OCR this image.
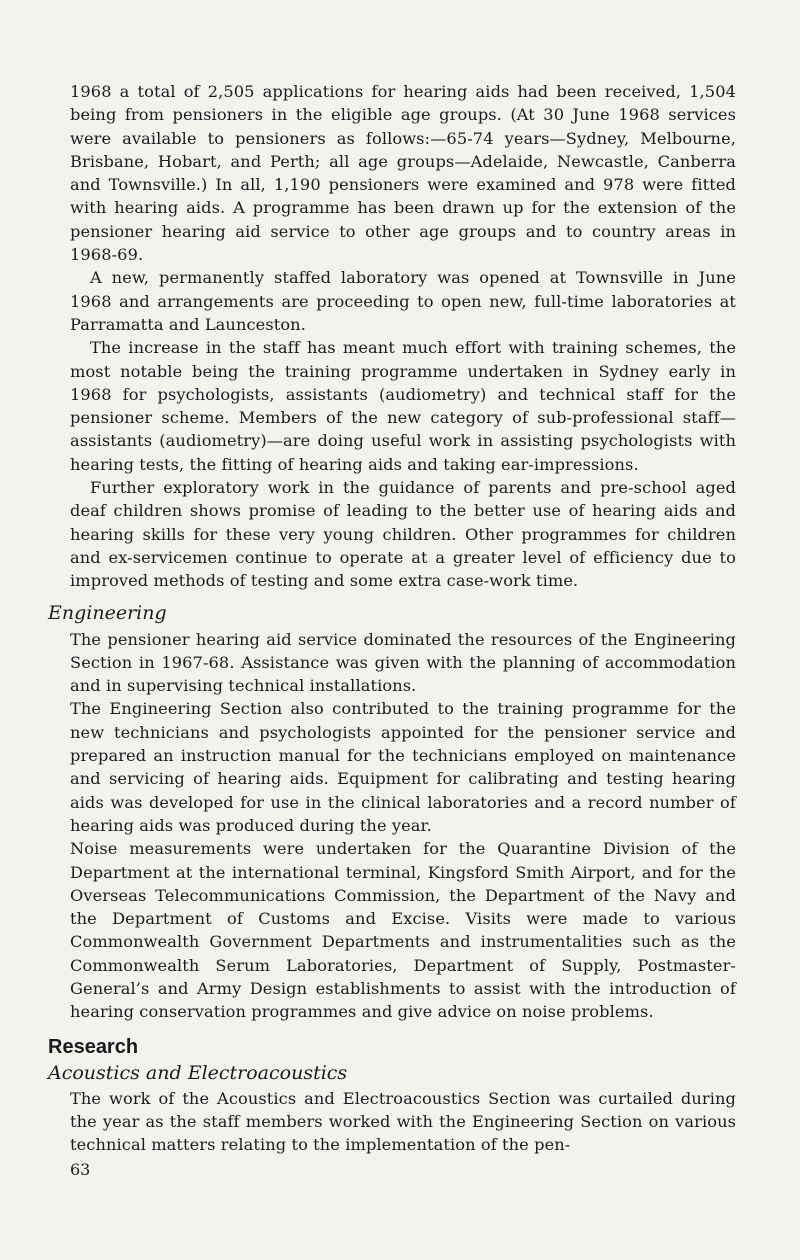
1968 a total of 2,505 applications for hearing aids had been received, 1,504 being from pensioners in the eligible age groups. (At 30 June 1968 services were available to pensioners as follows:—65-74 years—Sydney, Melbourne, Brisbane, Hobart, and Perth; all age groups—Adelaide, Newcastle, Canberra and Townsville.) In all, 1,190 pensioners were examined and 978 were fitted with hearing aids. A programme has been drawn up for the extension of the pensioner hearing aid service to other age groups and to country areas in 1968-69.

A new, permanently staffed laboratory was opened at Townsville in June 1968 and arrangements are proceeding to open new, full-time laboratories at Parramatta and Launceston.

The increase in the staff has meant much effort with training schemes, the most notable being the training programme undertaken in Sydney early in 1968 for psychologists, assistants (audiometry) and technical staff for the pensioner scheme. Members of the new category of sub-professional staff—assistants (audiometry)—are doing useful work in assisting psychologists with hearing tests, the fitting of hearing aids and taking ear-impressions.

Further exploratory work in the guidance of parents and pre-school aged deaf children shows promise of leading to the better use of hearing aids and hearing skills for these very young children. Other programmes for children and ex-servicemen continue to operate at a greater level of efficiency due to improved methods of testing and some extra case-work time.

Engineering

The pensioner hearing aid service dominated the resources of the Engineering Section in 1967-68. Assistance was given with the planning of accommodation and in supervising technical installations.

The Engineering Section also contributed to the training programme for the new technicians and psychologists appointed for the pensioner service and prepared an instruction manual for the technicians employed on maintenance and servicing of hearing aids. Equipment for calibrating and testing hearing aids was developed for use in the clinical laboratories and a record number of hearing aids was produced during the year.

Noise measurements were undertaken for the Quarantine Division of the Department at the international terminal, Kingsford Smith Airport, and for the Overseas Telecommunications Commission, the Department of the Navy and the Department of Customs and Excise. Visits were made to various Commonwealth Government Departments and instrumentalities such as the Commonwealth Serum Laboratories, Department of Supply, Postmaster-General’s and Army Design establishments to assist with the introduction of hearing conservation programmes and give advice on noise problems.

Research
Acoustics and Electroacoustics

The work of the Acoustics and Electroacoustics Section was curtailed during the year as the staff members worked with the Engineering Section on various technical matters relating to the implementation of the pen-

63
